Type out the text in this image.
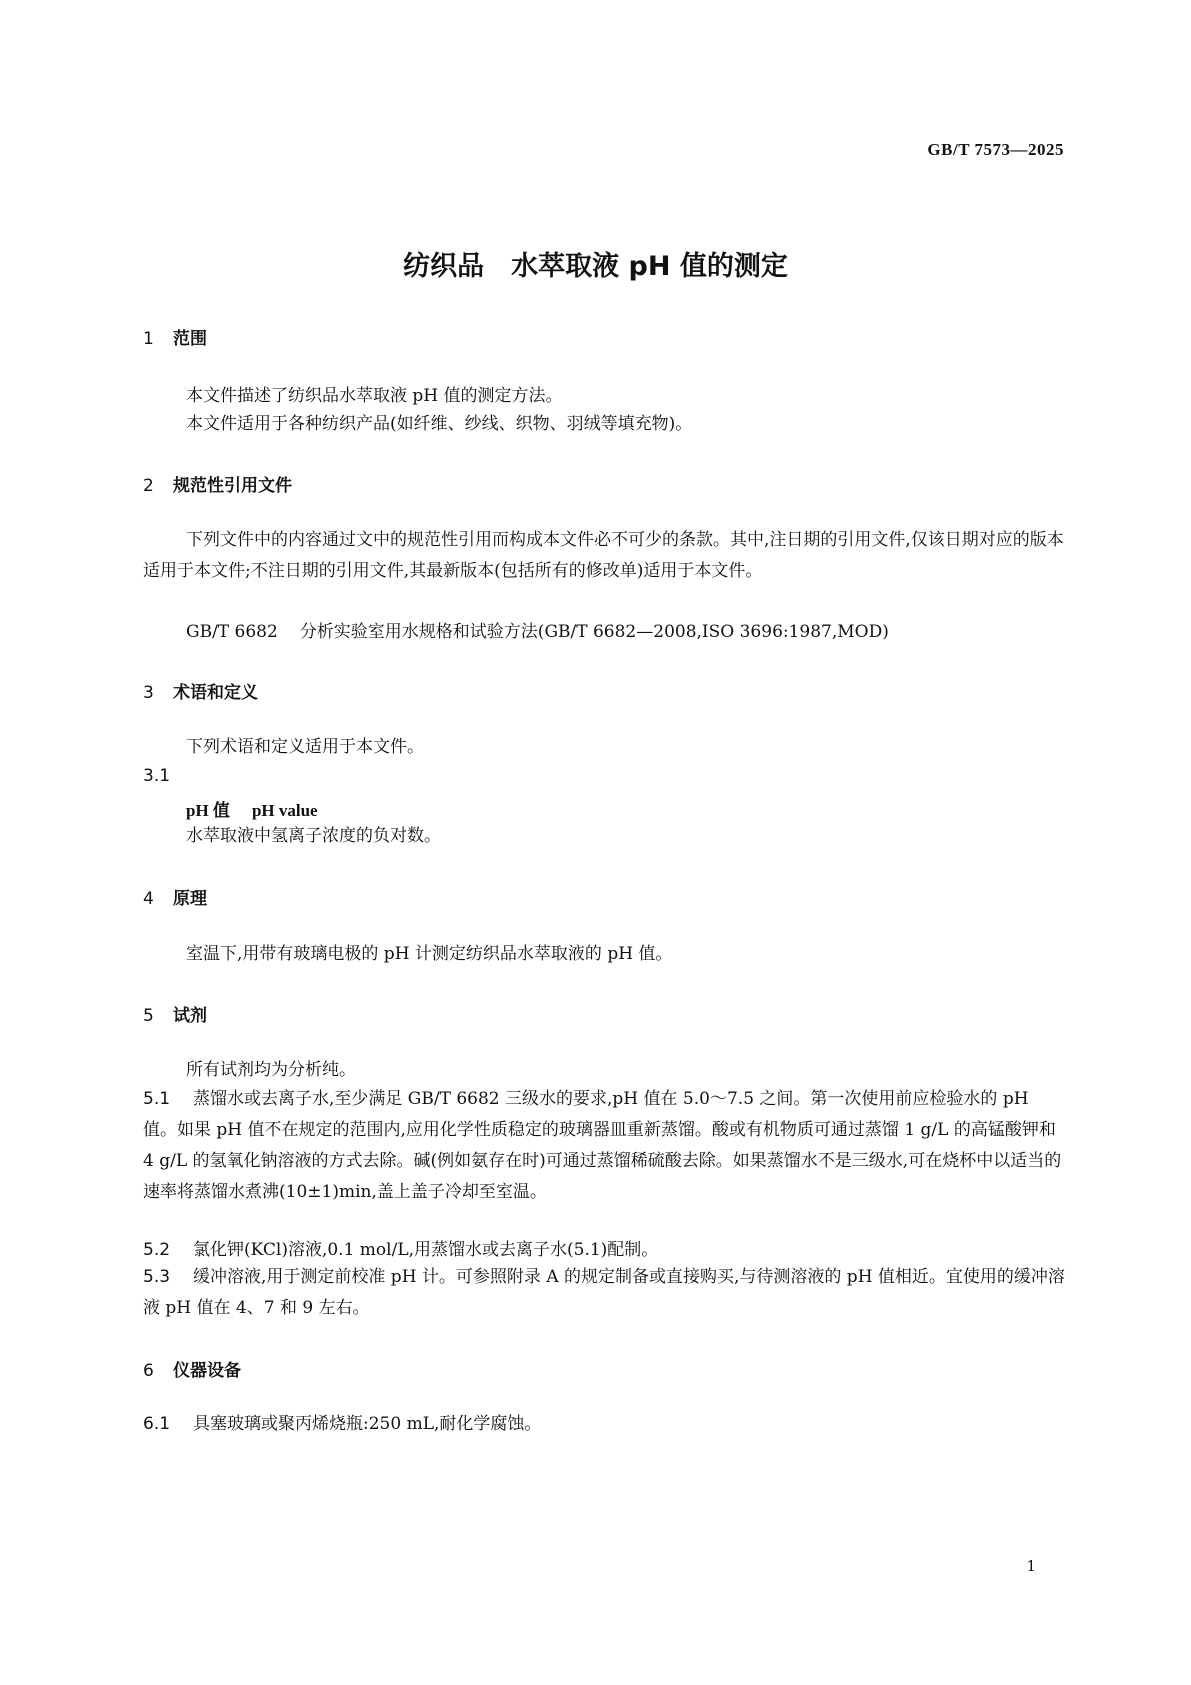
GB/T 7573—2025
纺织品　水萃取液 pH 值的测定
1 范围
本文件描述了纺织品水萃取液 pH 值的测定方法。
本文件适用于各种纺织产品(如纤维、纱线、织物、羽绒等填充物)。
2 规范性引用文件
下列文件中的内容通过文中的规范性引用而构成本文件必不可少的条款。其中,注日期的引用文件,仅该日期对应的版本适用于本文件;不注日期的引用文件,其最新版本(包括所有的修改单)适用于本文件。
GB/T 6682 分析实验室用水规格和试验方法(GB/T 6682—2008,ISO 3696:1987,MOD)
3 术语和定义
下列术语和定义适用于本文件。
3.1
pH 值 pH value
水萃取液中氢离子浓度的负对数。
4 原理
室温下,用带有玻璃电极的 pH 计测定纺织品水萃取液的 pH 值。
5 试剂
所有试剂均为分析纯。
5.1 蒸馏水或去离子水,至少满足 GB/T 6682 三级水的要求,pH 值在 5.0～7.5 之间。第一次使用前应检验水的 pH 值。如果 pH 值不在规定的范围内,应用化学性质稳定的玻璃器皿重新蒸馏。酸或有机物质可通过蒸馏 1 g/L 的高锰酸钾和 4 g/L 的氢氧化钠溶液的方式去除。碱(例如氨存在时)可通过蒸馏稀硫酸去除。如果蒸馏水不是三级水,可在烧杯中以适当的速率将蒸馏水煮沸(10±1)min,盖上盖子冷却至室温。
5.2 氯化钾(KCl)溶液,0.1 mol/L,用蒸馏水或去离子水(5.1)配制。
5.3 缓冲溶液,用于测定前校准 pH 计。可参照附录 A 的规定制备或直接购买,与待测溶液的 pH 值相近。宜使用的缓冲溶液 pH 值在 4、7 和 9 左右。
6 仪器设备
6.1 具塞玻璃或聚丙烯烧瓶:250 mL,耐化学腐蚀。
1
